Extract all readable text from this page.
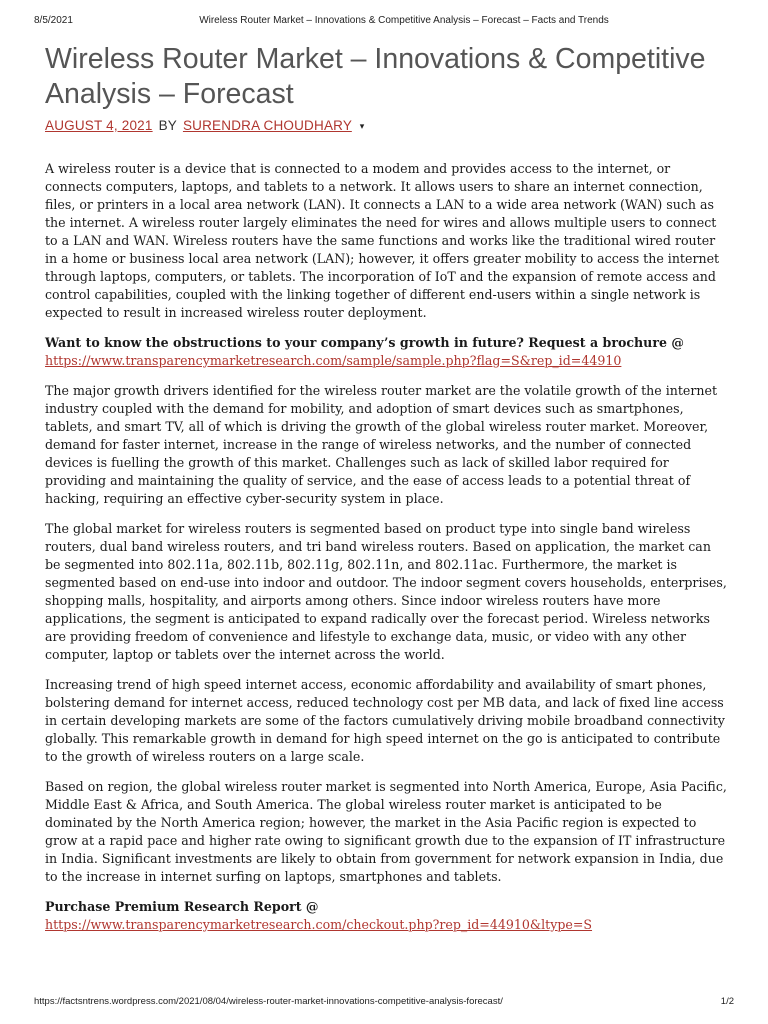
8/5/2021	Wireless Router Market – Innovations & Competitive Analysis – Forecast – Facts and Trends
Wireless Router Market – Innovations & Competitive Analysis – Forecast
AUGUST 4, 2021 BY SURENDRA CHOUDHARY ▾

A wireless router is a device that is connected to a modem and provides access to the internet, or connects computers, laptops, and tablets to a network. It allows users to share an internet connection, files, or printers in a local area network (LAN). It connects a LAN to a wide area network (WAN) such as the internet. A wireless router largely eliminates the need for wires and allows multiple users to connect to a LAN and WAN. Wireless routers have the same functions and works like the traditional wired router in a home or business local area network (LAN); however, it offers greater mobility to access the internet through laptops, computers, or tablets. The incorporation of IoT and the expansion of remote access and control capabilities, coupled with the linking together of different end-users within a single network is expected to result in increased wireless router deployment.

Want to know the obstructions to your company’s growth in future? Request a brochure @
https://www.transparencymarketresearch.com/sample/sample.php?flag=S&rep_id=44910

The major growth drivers identified for the wireless router market are the volatile growth of the internet industry coupled with the demand for mobility, and adoption of smart devices such as smartphones, tablets, and smart TV, all of which is driving the growth of the global wireless router market. Moreover, demand for faster internet, increase in the range of wireless networks, and the number of connected devices is fuelling the growth of this market. Challenges such as lack of skilled labor required for providing and maintaining the quality of service, and the ease of access leads to a potential threat of hacking, requiring an effective cyber-security system in place.

The global market for wireless routers is segmented based on product type into single band wireless routers, dual band wireless routers, and tri band wireless routers. Based on application, the market can be segmented into 802.11a, 802.11b, 802.11g, 802.11n, and 802.11ac. Furthermore, the market is segmented based on end-use into indoor and outdoor. The indoor segment covers households, enterprises, shopping malls, hospitality, and airports among others. Since indoor wireless routers have more applications, the segment is anticipated to expand radically over the forecast period. Wireless networks are providing freedom of convenience and lifestyle to exchange data, music, or video with any other computer, laptop or tablets over the internet across the world.

Increasing trend of high speed internet access, economic affordability and availability of smart phones, bolstering demand for internet access, reduced technology cost per MB data, and lack of fixed line access in certain developing markets are some of the factors cumulatively driving mobile broadband connectivity globally. This remarkable growth in demand for high speed internet on the go is anticipated to contribute to the growth of wireless routers on a large scale.

Based on region, the global wireless router market is segmented into North America, Europe, Asia Pacific, Middle East & Africa, and South America. The global wireless router market is anticipated to be dominated by the North America region; however, the market in the Asia Pacific region is expected to grow at a rapid pace and higher rate owing to significant growth due to the expansion of IT infrastructure in India. Significant investments are likely to obtain from government for network expansion in India, due to the increase in internet surfing on laptops, smartphones and tablets.

Purchase Premium Research Report @
https://www.transparencymarketresearch.com/checkout.php?rep_id=44910&ltype=S

https://factsntrens.wordpress.com/2021/08/04/wireless-router-market-innovations-competitive-analysis-forecast/	1/2
